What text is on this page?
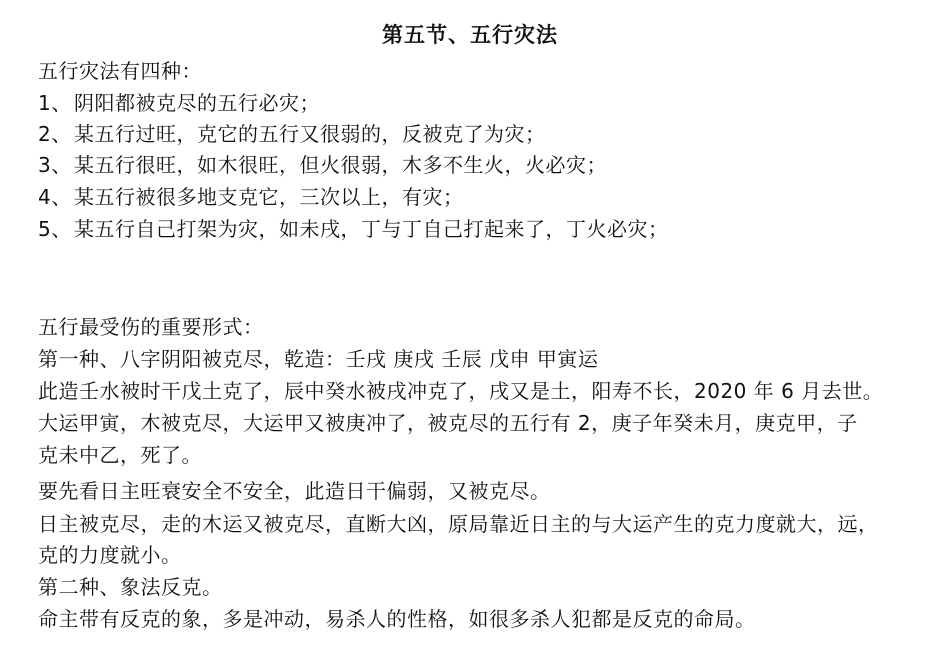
第五节、五行灾法
五行灾法有四种：
1、 阴阳都被克尽的五行必灾；
2、 某五行过旺，克它的五行又很弱的，反被克了为灾；
3、 某五行很旺，如木很旺，但火很弱，木多不生火，火必灾；
4、 某五行被很多地支克它，三次以上，有灾；
5、 某五行自己打架为灾，如未戌，丁与丁自己打起来了，丁火必灾；
五行最受伤的重要形式：
第一种、八字阴阳被克尽，乾造：壬戌 庚戌 壬辰 戊申 甲寅运
此造壬水被时干戊土克了，辰中癸水被戌冲克了，戌又是土，阳寿不长，2020 年 6 月去世。
大运甲寅，木被克尽，大运甲又被庚冲了，被克尽的五行有 2，庚子年癸未月，庚克甲，子
克未中乙，死了。
要先看日主旺衰安全不安全，此造日干偏弱，又被克尽。
日主被克尽，走的木运又被克尽，直断大凶，原局靠近日主的与大运产生的克力度就大，远，
克的力度就小。
第二种、象法反克。
命主带有反克的象，多是冲动，易杀人的性格，如很多杀人犯都是反克的命局。
